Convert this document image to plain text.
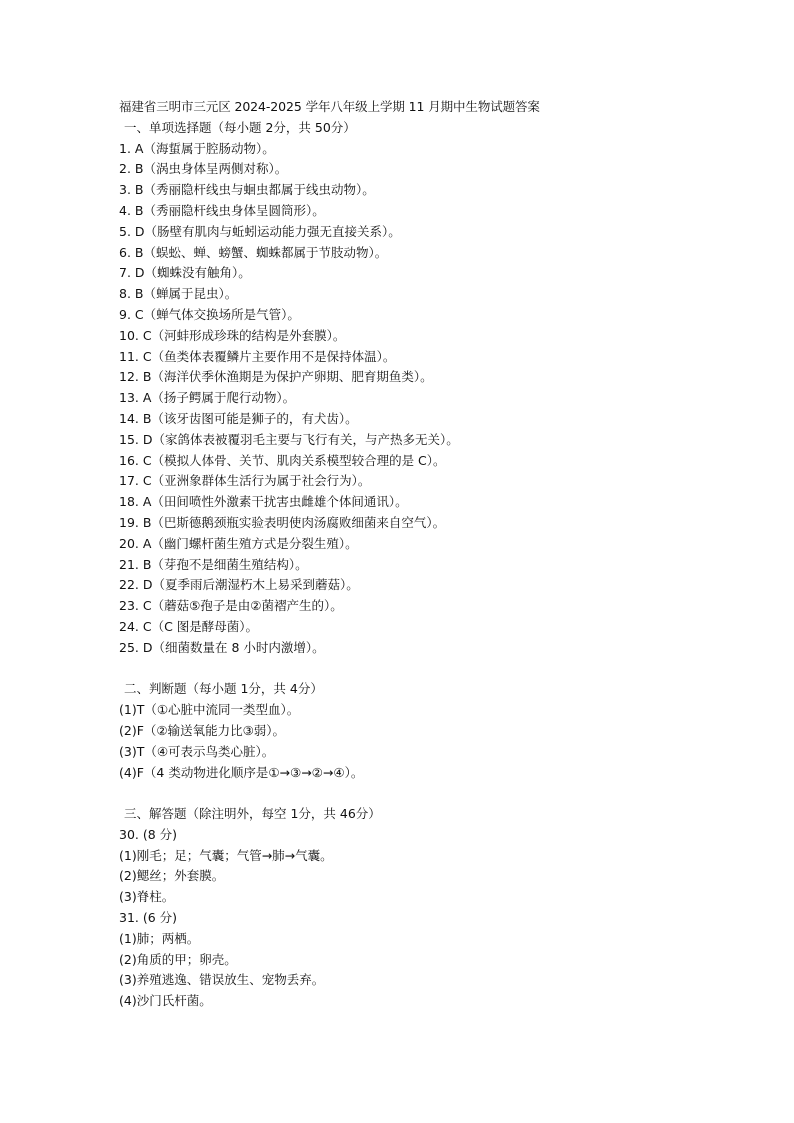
福建省三明市三元区 2024-2025 学年八年级上学期 11 月期中生物试题答案
一、单项选择题（每小题 2分，共 50分）
1. A（海蜇属于腔肠动物）。
2. B（涡虫身体呈两侧对称）。
3. B（秀丽隐杆线虫与蛔虫都属于线虫动物）。
4. B（秀丽隐杆线虫身体呈圆筒形）。
5. D（肠壁有肌肉与蚯蚓运动能力强无直接关系）。
6. B（蜈蚣、蝉、螃蟹、蜘蛛都属于节肢动物）。
7. D（蜘蛛没有触角）。
8. B（蝉属于昆虫）。
9. C（蝉气体交换场所是气管）。
10. C（河蚌形成珍珠的结构是外套膜）。
11. C（鱼类体表覆鳞片主要作用不是保持体温）。
12. B（海洋伏季休渔期是为保护产卵期、肥育期鱼类）。
13. A（扬子鳄属于爬行动物）。
14. B（该牙齿图可能是狮子的，有犬齿）。
15. D（家鸽体表被覆羽毛主要与飞行有关，与产热多无关）。
16. C（模拟人体骨、关节、肌肉关系模型较合理的是 C）。
17. C（亚洲象群体生活行为属于社会行为）。
18. A（田间喷性外激素干扰害虫雌雄个体间通讯）。
19. B（巴斯德鹅颈瓶实验表明使肉汤腐败细菌来自空气）。
20. A（幽门螺杆菌生殖方式是分裂生殖）。
21. B（芽孢不是细菌生殖结构）。
22. D（夏季雨后潮湿朽木上易采到蘑菇）。
23. C（蘑菇⑤孢子是由②菌褶产生的）。
24. C（C 图是酵母菌）。
25. D（细菌数量在 8 小时内激增）。
二、判断题（每小题 1分，共 4分）
(1)T（①心脏中流同一类型血）。
(2)F（②输送氧能力比③弱）。
(3)T（④可表示鸟类心脏）。
(4)F（4 类动物进化顺序是①→③→②→④）。
三、解答题（除注明外，每空 1分，共 46分）
30. (8 分)
(1)刚毛；足；气囊；气管→肺→气囊。
(2)鳃丝；外套膜。
(3)脊柱。
31. (6 分)
(1)肺；两栖。
(2)角质的甲；卵壳。
(3)养殖逃逸、错误放生、宠物丢弃。
(4)沙门氏杆菌。
